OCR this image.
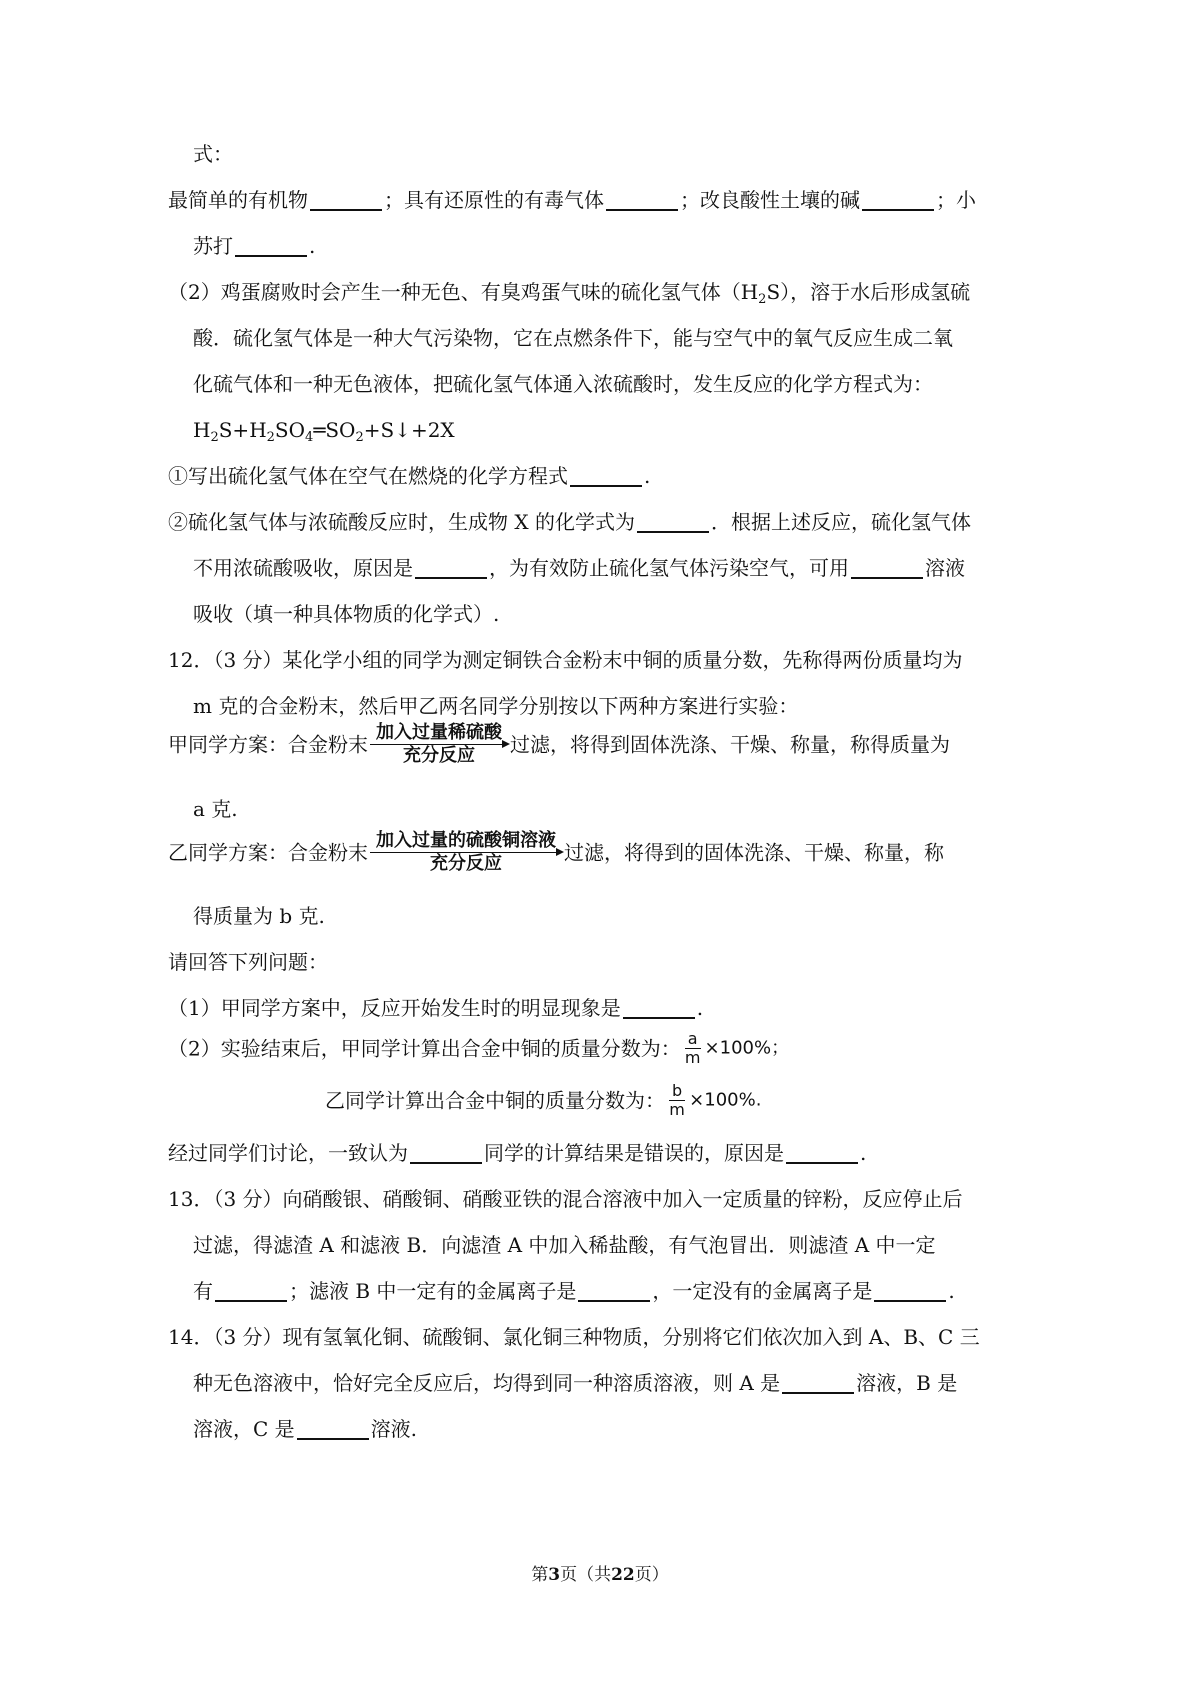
式：
最简单的有机物	；具有还原性的有毒气体	；改良酸性土壤的碱	；小
苏打	.
（2）鸡蛋腐败时会产生一种无色、有臭鸡蛋气味的硫化氢气体$(H_2S)$，溶于水后形成氢硫
酸．硫化氢气体是一种大气污染物，它在点燃条件下，能与空气中的氧气反应生成二氧
化硫气体和一种无色液体，把硫化氢气体通入浓硫酸时，发生反应的化学方程式为：
$H_2S+H_2SO_4═SO_2+S↓+2X$
①写出硫化氢气体在空气在燃烧的化学方程式	.
②硫化氢气体与浓硫酸反应时，生成物 X 的化学式为	．根据上述反应，硫化氢气体
不用浓硫酸吸收，原因是	，为有效防止硫化氢气体污染空气，可用	溶液
吸收（填一种具体物质的化学式）.
12．（3 分）某化学小组的同学为测定铜铁合金粉末中铜的质量分数，先称得两份质量均为
m 克的合金粉末，然后甲乙两名同学分别按以下两种方案进行实验：
甲同学方案：合金粉末 加入过量稀硫酸
充分反应	过滤，将得到固体洗涤、干燥、称量，称得质量为
a 克.
乙同学方案：合金粉末 加入过量的硫酸铜溶液
充分反应	过滤，将得到的固体洗涤、干燥、称量，称
得质量为 b 克.
请回答下列问题：
（1）甲同学方案中，反应开始发生时的明显现象是	.
（2）实验结束后，甲同学计算出合金中铜的质量分数为： $\frac{a}{m} \times 100\%$；
乙同学计算出合金中铜的质量分数为： $\frac{b}{m} \times 100\%$.
经过同学们讨论，一致认为	同学的计算结果是错误的，原因是	.
13．（3 分）向硝酸银、硝酸铜、硝酸亚铁的混合溶液中加入一定质量的锌粉，反应停止后
过滤，得滤渣 A 和滤液 B．向滤渣 A 中加入稀盐酸，有气泡冒出．则滤渣 A 中一定
有	；滤液 B 中一定有的金属离子是	，一定没有的金属离子是	.
14．（3 分）现有氢氧化铜、硫酸铜、氯化铜三种物质，分别将它们依次加入到 A、B、C 三
种无色溶液中，恰好完全反应后，均得到同一种溶质溶液，则 A 是	溶液，B 是
溶液，C 是	溶液.
第3页（共22页）
